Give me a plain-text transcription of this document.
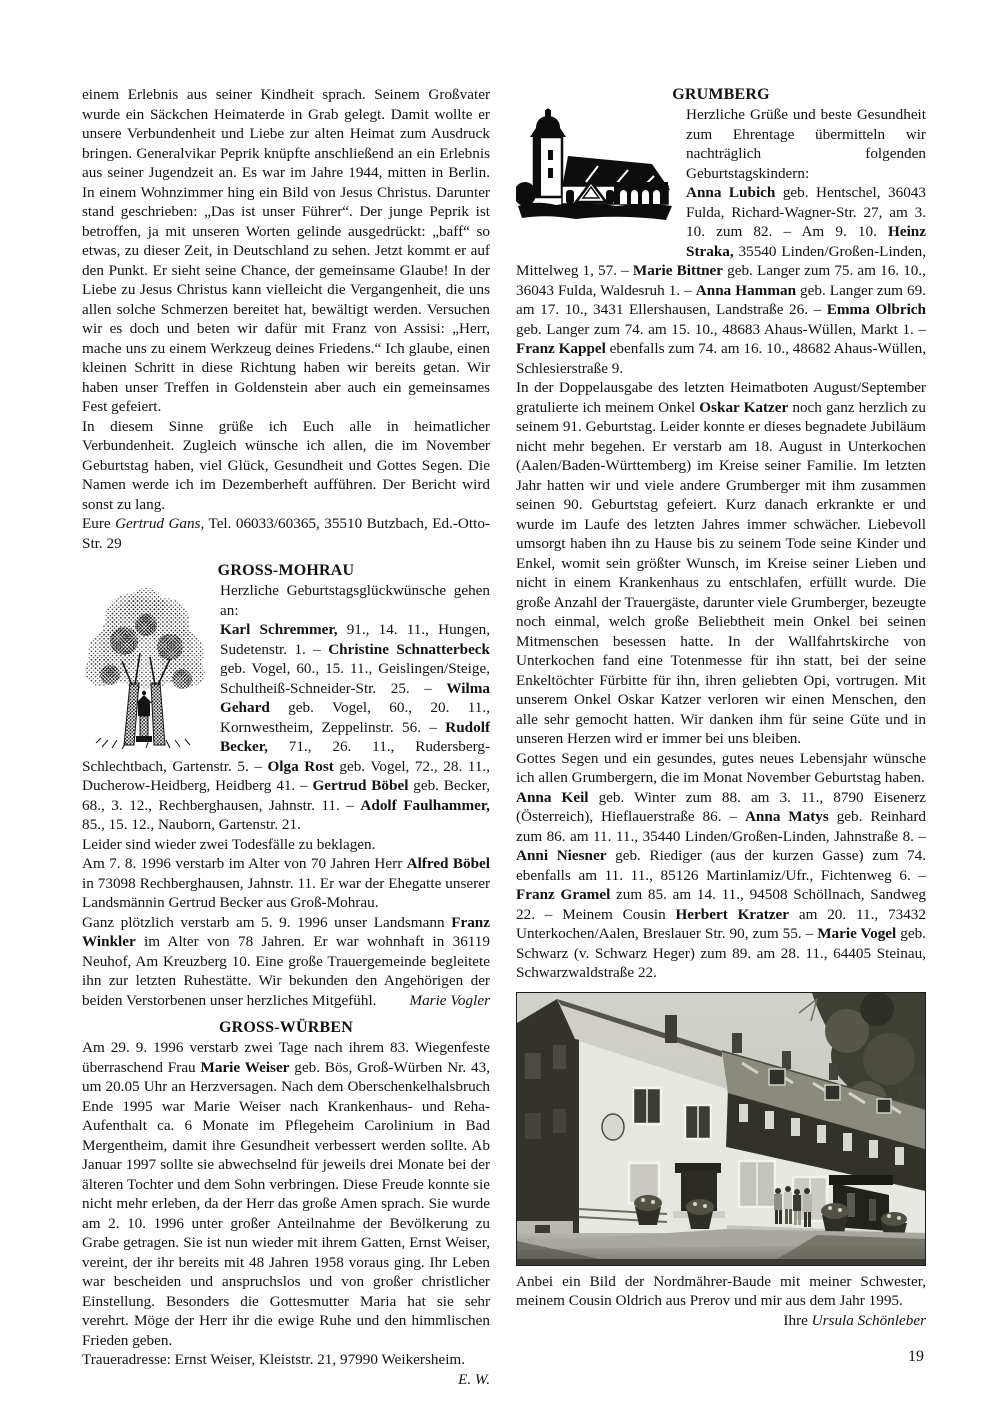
einem Erlebnis aus seiner Kindheit sprach. Seinem Großvater wurde ein Säckchen Heimaterde in Grab gelegt. Damit wollte er unsere Verbundenheit und Liebe zur alten Heimat zum Ausdruck bringen. Generalvikar Peprik knüpfte anschließend an ein Erlebnis aus seiner Jugendzeit an. Es war im Jahre 1944, mitten in Berlin. In einem Wohnzimmer hing ein Bild von Jesus Christus. Darunter stand geschrieben: „Das ist unser Führer“. Der junge Peprik ist betroffen, ja mit unseren Worten gelinde ausgedrückt: „baff“ so etwas, zu dieser Zeit, in Deutschland zu sehen. Jetzt kommt er auf den Punkt. Er sieht seine Chance, der gemeinsame Glaube! In der Liebe zu Jesus Christus kann vielleicht die Vergangenheit, die uns allen solche Schmerzen bereitet hat, bewältigt werden. Versuchen wir es doch und beten wir dafür mit Franz von Assisi: „Herr, mache uns zu einem Werkzeug deines Friedens.“ Ich glaube, einen kleinen Schritt in diese Richtung haben wir bereits getan. Wir haben unser Treffen in Goldenstein aber auch ein gemeinsames Fest gefeiert.

In diesem Sinne grüße ich Euch alle in heimatlicher Verbundenheit. Zugleich wünsche ich allen, die im November Geburtstag haben, viel Glück, Gesundheit und Gottes Segen. Die Namen werde ich im Dezemberheft aufführen. Der Bericht wird sonst zu lang.

Eure Gertrud Gans, Tel. 06033/60365, 35510 Butzbach, Ed.-Otto-Str. 29

GROSS-MOHRAU

Herzliche Geburtstagsglückwünsche gehen an:

Karl Schremmer, 91., 14. 11., Hungen, Sudetenstr. 1. – Christine Schnatterbeck geb. Vogel, 60., 15. 11., Geislingen/Steige, Schultheiß-Schneider-Str. 25. – Wilma Gehard geb. Vogel, 60., 20. 11., Kornwestheim, Zeppelinstr. 56. – Rudolf Becker, 71., 26. 11., Rudersberg-Schlechtbach, Gartenstr. 5. – Olga Rost geb. Vogel, 72., 28. 11., Ducherow-Heidberg, Heidberg 41. – Gertrud Böbel geb. Becker, 68., 3. 12., Rechberghausen, Jahnstr. 11. – Adolf Faulhammer, 85., 15. 12., Nauborn, Gartenstr. 21.

Leider sind wieder zwei Todesfälle zu beklagen.

Am 7. 8. 1996 verstarb im Alter von 70 Jahren Herr Alfred Böbel in 73098 Rechberghausen, Jahnstr. 11. Er war der Ehegatte unserer Landsmännin Gertrud Becker aus Groß-Mohrau.

Ganz plötzlich verstarb am 5. 9. 1996 unser Landsmann Franz Winkler im Alter von 78 Jahren. Er war wohnhaft in 36119 Neuhof, Am Kreuzberg 10. Eine große Trauergemeinde begleitete ihn zur letzten Ruhestätte. Wir bekunden den Angehörigen der beiden Verstorbenen unser herzliches Mitgefühl. Marie Vogler

GROSS-WÜRBEN

Am 29. 9. 1996 verstarb zwei Tage nach ihrem 83. Wiegenfeste überraschend Frau Marie Weiser geb. Bös, Groß-Würben Nr. 43, um 20.05 Uhr an Herzversagen. Nach dem Oberschenkelhalsbruch Ende 1995 war Marie Weiser nach Krankenhaus- und Reha-Aufenthalt ca. 6 Monate im Pflegeheim Carolinium in Bad Mergentheim, damit ihre Gesundheit verbessert werden sollte. Ab Januar 1997 sollte sie abwechselnd für jeweils drei Monate bei der älteren Tochter und dem Sohn verbringen. Diese Freude konnte sie nicht mehr erleben, da der Herr das große Amen sprach. Sie wurde am 2. 10. 1996 unter großer Anteilnahme der Bevölkerung zu Grabe getragen. Sie ist nun wieder mit ihrem Gatten, Ernst Weiser, vereint, der ihr bereits mit 48 Jahren 1958 voraus ging. Ihr Leben war bescheiden und anspruchslos und von großer christlicher Einstellung. Besonders die Gottesmutter Maria hat sie sehr verehrt. Möge der Herr ihr die ewige Ruhe und den himmlischen Frieden geben.

Traueradresse: Ernst Weiser, Kleiststr. 21, 97990 Weikersheim.

E. W.

GRUMBERG

Herzliche Grüße und beste Gesundheit zum Ehrentage übermitteln wir nachträglich folgenden Geburtstagskindern:

Anna Lubich geb. Hentschel, 36043 Fulda, Richard-Wagner-Str. 27, am 3. 10. zum 82. – Am 9. 10. Heinz Straka, 35540 Linden/Großen-Linden, Mittelweg 1, 57. – Marie Bittner geb. Langer zum 75. am 16. 10., 36043 Fulda, Waldesruh 1. – Anna Hamman geb. Langer zum 69. am 17. 10., 3431 Ellershausen, Landstraße 26. – Emma Olbrich geb. Langer zum 74. am 15. 10., 48683 Ahaus-Wüllen, Markt 1. – Franz Kappel ebenfalls zum 74. am 16. 10., 48682 Ahaus-Wüllen, Schlesierstraße 9.

In der Doppelausgabe des letzten Heimatboten August/September gratulierte ich meinem Onkel Oskar Katzer noch ganz herzlich zu seinem 91. Geburtstag. Leider konnte er dieses begnadete Jubiläum nicht mehr begehen. Er verstarb am 18. August in Unterkochen (Aalen/Baden-Württemberg) im Kreise seiner Familie. Im letzten Jahr hatten wir und viele andere Grumberger mit ihm zusammen seinen 90. Geburtstag gefeiert. Kurz danach erkrankte er und wurde im Laufe des letzten Jahres immer schwächer. Liebevoll umsorgt haben ihn zu Hause bis zu seinem Tode seine Kinder und Enkel, womit sein größter Wunsch, im Kreise seiner Lieben und nicht in einem Krankenhaus zu entschlafen, erfüllt wurde. Die große Anzahl der Trauergäste, darunter viele Grumberger, bezeugte noch einmal, welch große Beliebtheit mein Onkel bei seinen Mitmenschen besessen hatte. In der Wallfahrtskirche von Unterkochen fand eine Totenmesse für ihn statt, bei der seine Enkeltöchter Fürbitte für ihn, ihren geliebten Opi, vortrugen. Mit unserem Onkel Oskar Katzer verloren wir einen Menschen, den alle sehr gemocht hatten. Wir danken ihm für seine Güte und in unseren Herzen wird er immer bei uns bleiben.

Gottes Segen und ein gesundes, gutes neues Lebensjahr wünsche ich allen Grumbergern, die im Monat November Geburtstag haben.

Anna Keil geb. Winter zum 88. am 3. 11., 8790 Eisenerz (Österreich), Hieflauerstraße 86. – Anna Matys geb. Reinhard zum 86. am 11. 11., 35440 Linden/Großen-Linden, Jahnstraße 8. – Anni Niesner geb. Riediger (aus der kurzen Gasse) zum 74. ebenfalls am 11. 11., 85126 Martinlamiz/Ufr., Fichtenweg 6. – Franz Gramel zum 85. am 14. 11., 94508 Schöllnach, Sandweg 22. – Meinem Cousin Herbert Kratzer am 20. 11., 73432 Unterkochen/Aalen, Breslauer Str. 90, zum 55. – Marie Vogel geb. Schwarz (v. Schwarz Heger) zum 89. am 28. 11., 64405 Steinau, Schwarzwaldstraße 22.

Anbei ein Bild der Nordmährer-Baude mit meiner Schwester, meinem Cousin Oldrich aus Prerov und mir aus dem Jahr 1995.

Ihre Ursula Schönleber

19
